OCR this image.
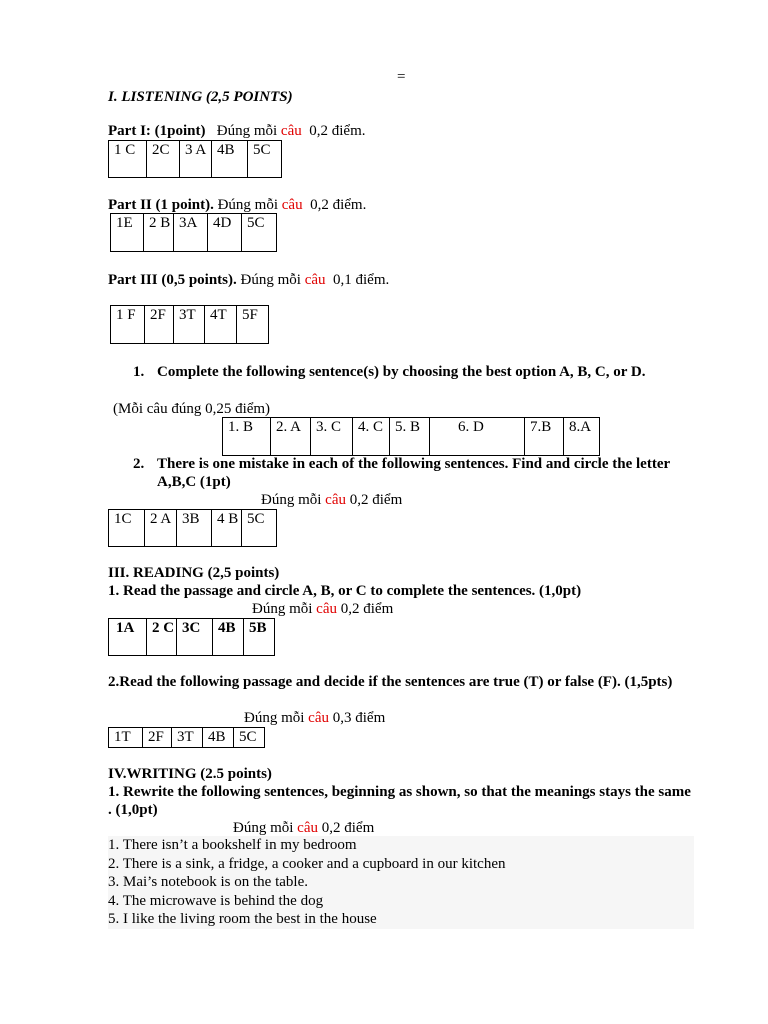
=
I. LISTENING (2,5 POINTS)
Part I: (1point) Đúng mỗi câu 0,2 điểm.
1 C	2C	3 A	4B	5C
Part II (1 point). Đúng mỗi câu 0,2 điểm.
1E	2 B	3A	4D	5C
Part III (0,5 points). Đúng mỗi câu 0,1 điểm.
1 F	2F	3T	4T	5F
1. Complete the following sentence(s) by choosing the best option A, B, C, or D.
(Mỗi câu đúng 0,25 điểm)
1. B	2. A	3. C	4. C	5. B	6. D	7.B	8.A
2. There is one mistake in each of the following sentences. Find and circle the letter A,B,C (1pt)
Đúng mỗi câu 0,2 điểm
1C	2 A	3B	4 B	5C
III. READING (2,5 points)
1. Read the passage and circle A, B, or C to complete the sentences. (1,0pt)
Đúng mỗi câu 0,2 điểm
1A	2 C	3C	4B	5B
2.Read the following passage and decide if the sentences are true (T) or false (F). (1,5pts)
Đúng mỗi câu 0,3 điểm
1T	2F	3T	4B	5C
IV.WRITING (2.5 points)
1. Rewrite the following sentences, beginning as shown, so that the meanings stays the same . (1,0pt)
Đúng mỗi câu 0,2 điểm
1. There isn’t a bookshelf in my bedroom
2. There is a sink, a fridge, a cooker and a cupboard in our kitchen
3. Mai’s notebook is on the table.
4. The microwave is behind the dog
5. I like the living room the best in the house
